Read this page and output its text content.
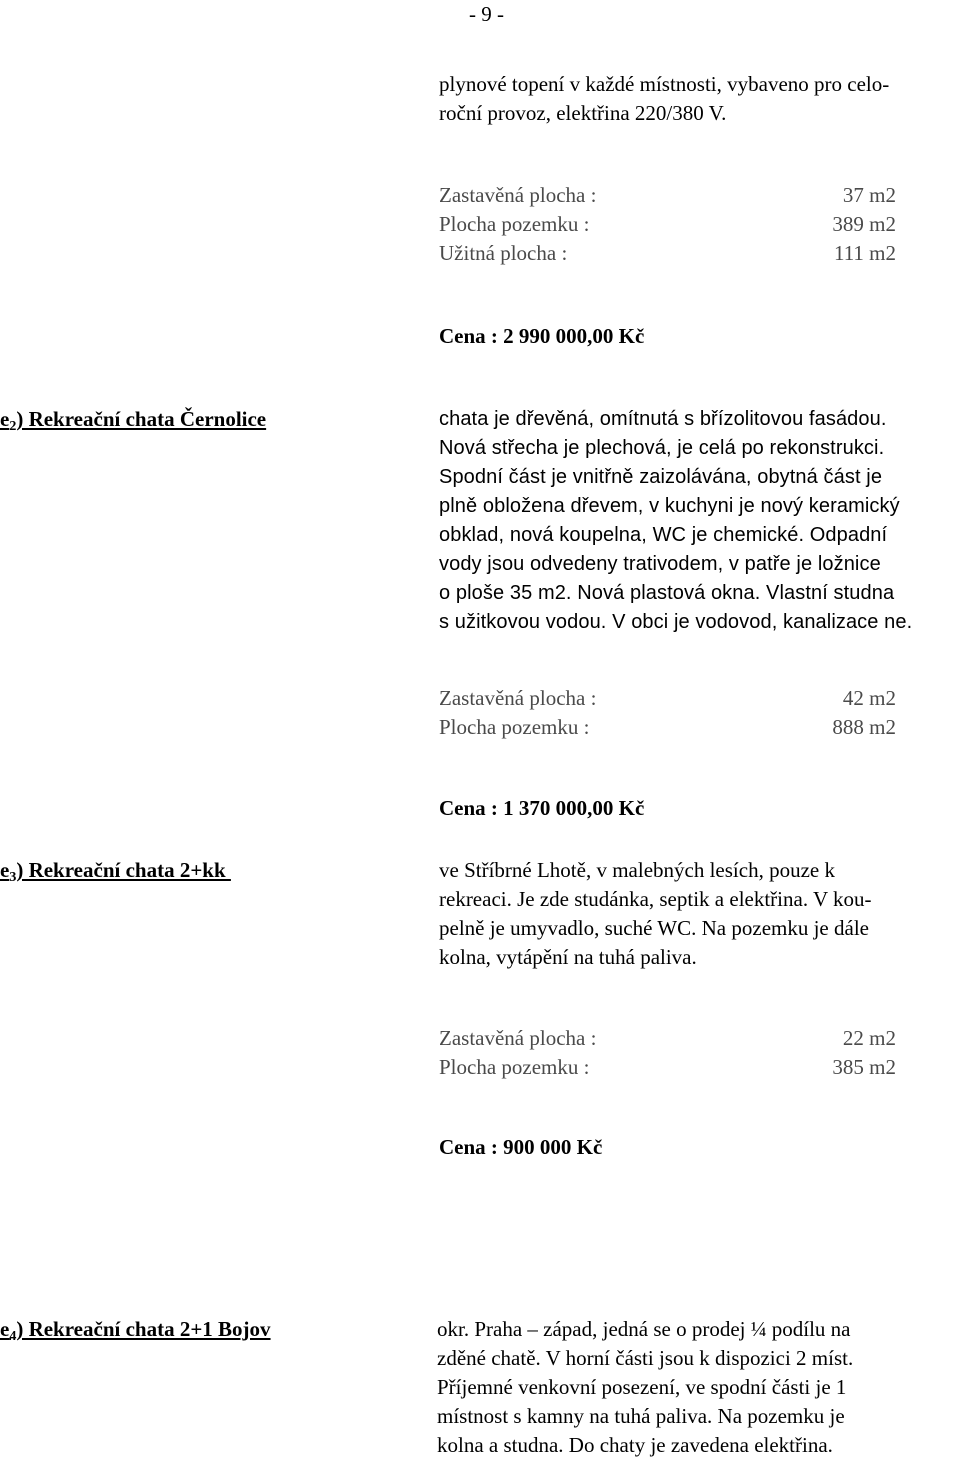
- 9 -
plynové topení v každé místnosti, vybaveno pro celo-
roční provoz, elektřina 220/380 V.
Zastavěná plocha :	37 m2
Plocha pozemku :	389 m2
Užitná plocha :	111 m2
Cena : 2 990 000,00 Kč
$e_2$) Rekreační chata Černolice	chata je dřevěná, omítnutá s břízolitovou fasádou.
Nová střecha je plechová, je celá po rekonstrukci.
Spodní část je vnitřně zaizolávána, obytná část je
plně obložena dřevem, v kuchyni je nový keramický
obklad, nová koupelna, WC je chemické. Odpadní
vody jsou odvedeny trativodem, v patře je ložnice
o ploše 35 m2. Nová plastová okna. Vlastní studna
s užitkovou vodou. V obci je vodovod, kanalizace ne.
Zastavěná plocha :	42 m2
Plocha pozemku :	888 m2
Cena : 1 370 000,00 Kč
$e_3$) Rekreační chata 2+kk	ve Stříbrné Lhotě, v malebných lesích, pouze k
rekreaci. Je zde studánka, septik a elektřina. V kou-
pelně je umyvadlo, suché WC. Na pozemku je dále
kolna, vytápění na tuhá paliva.
Zastavěná plocha :	22 m2
Plocha pozemku :	385 m2
Cena : 900 000 Kč
$e_4$) Rekreační chata 2+1 Bojov	okr. Praha – západ, jedná se o prodej ¼ podílu na
zděné chatě. V horní části jsou k dispozici 2 míst.
Příjemné venkovní posezení, ve spodní části je 1
místnost s kamny na tuhá paliva. Na pozemku je
kolna a studna. Do chaty je zavedena elektřina.
